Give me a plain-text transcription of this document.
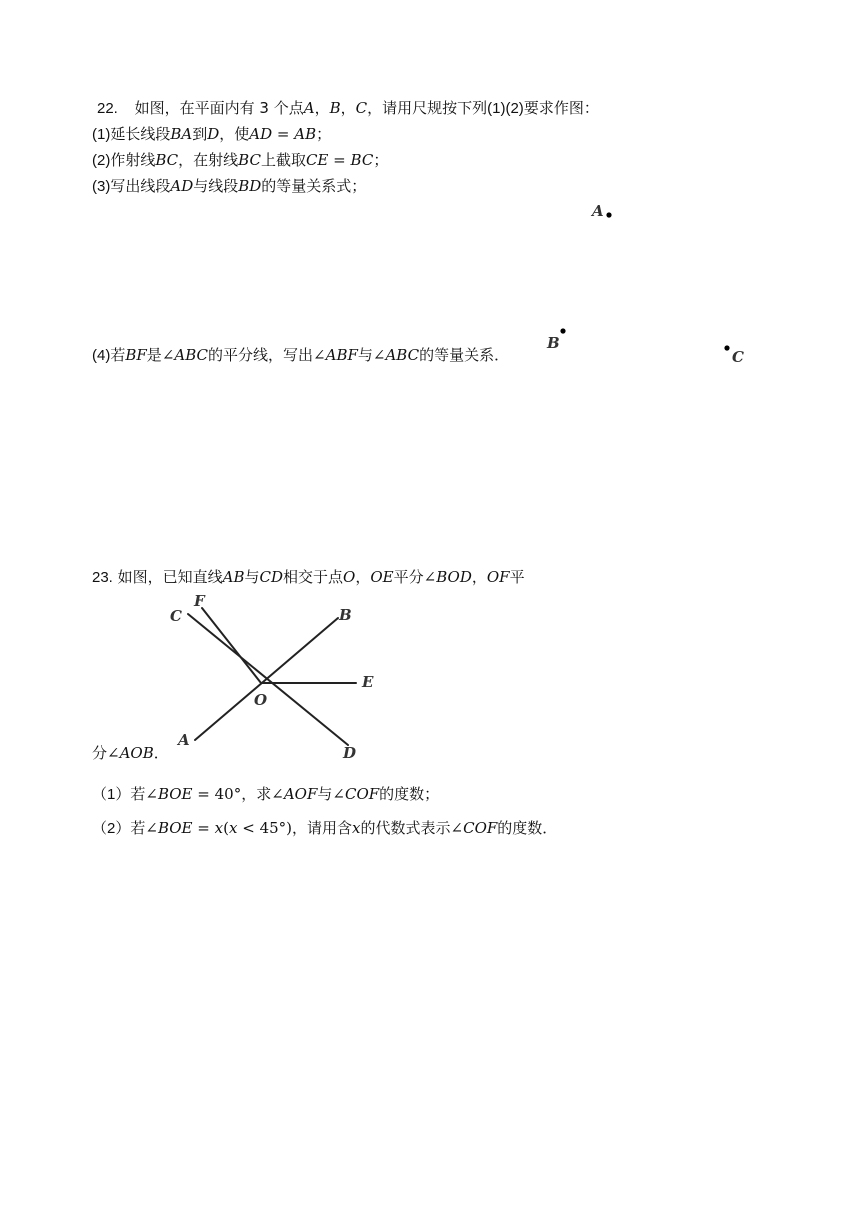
22. 如图，在平面内有 3 个点A，B，C，请用尺规按下列(1)(2)要求作图：
(1)延长线段BA到D，使AD = AB；
(2)作射线BC，在射线BC上截取CE = BC；
(3)写出线段AD与线段BD的等量关系式；
(4)若BF是∠ABC的平分线，写出∠ABF与∠ABC的等量关系．
A
B
C
23. 如图，已知直线AB与CD相交于点O，OE平分∠BOD，OF平
分∠AOB．
（1）若∠BOE = 40°，求∠AOF与∠COF的度数；
（2）若∠BOE = x(x < 45°)，请用含x的代数式表示∠COF的度数．
A
B
C
D
E
F
O
